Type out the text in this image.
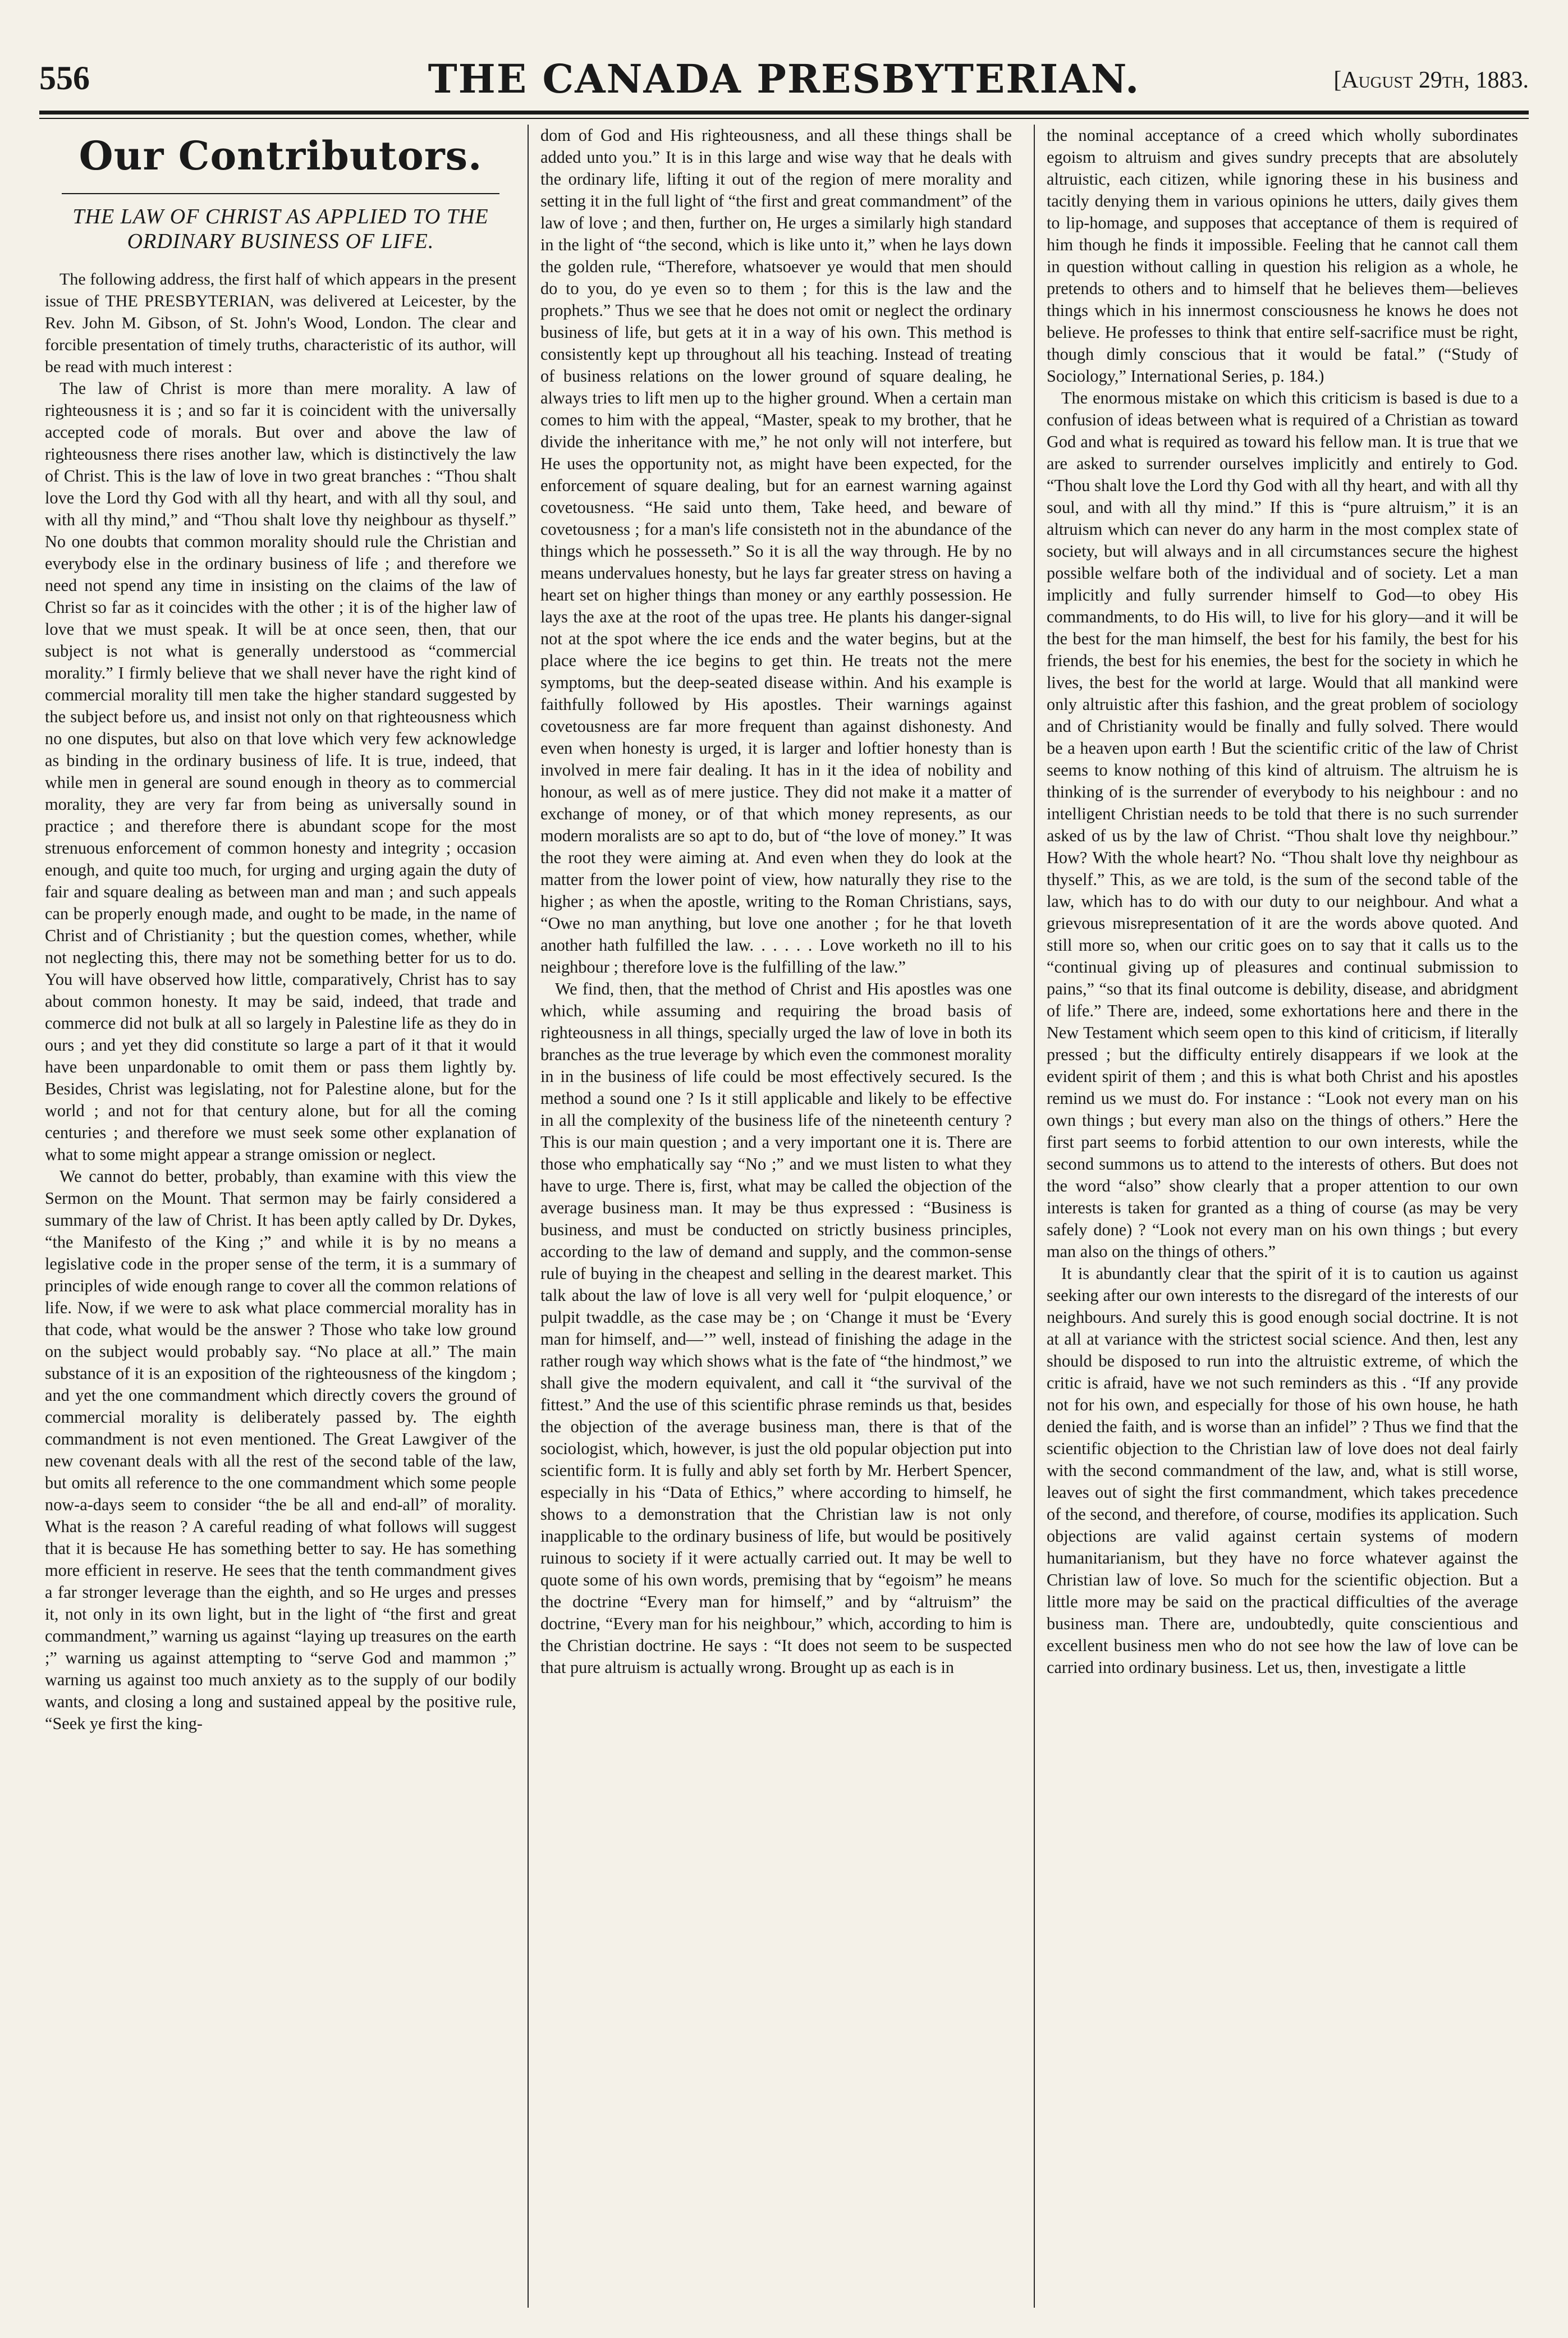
556	THE CANADA PRESBYTERIAN.	[August 29th, 1883.
Our Contributors.
THE LAW OF CHRIST AS APPLIED TO THE ORDINARY BUSINESS OF LIFE.

The following address, the first half of which appears in the present issue of THE PRESBYTERIAN, was delivered at Leicester, by the Rev. John M. Gibson, of St. John's Wood, London. The clear and forcible presentation of timely truths, characteristic of its author, will be read with much interest :

The law of Christ is more than mere morality. A law of righteousness it is ; and so far it is coincident with the universally accepted code of morals. But over and above the law of righteousness there rises another law, which is distinctively the law of Christ. This is the law of love in two great branches : “Thou shalt love the Lord thy God with all thy heart, and with all thy soul, and with all thy mind,” and “Thou shalt love thy neighbour as thyself.” No one doubts that common morality should rule the Christian and everybody else in the ordinary business of life ; and therefore we need not spend any time in insisting on the claims of the law of Christ so far as it coincides with the other ; it is of the higher law of love that we must speak. It will be at once seen, then, that our subject is not what is generally understood as “commercial morality.” I firmly believe that we shall never have the right kind of commercial morality till men take the higher standard suggested by the subject before us, and insist not only on that righteousness which no one disputes, but also on that love which very few acknowledge as binding in the ordinary business of life. It is true, indeed, that while men in general are sound enough in theory as to commercial morality, they are very far from being as universally sound in practice ; and therefore there is abundant scope for the most strenuous enforcement of common honesty and integrity ; occasion enough, and quite too much, for urging and urging again the duty of fair and square dealing as between man and man ; and such appeals can be properly enough made, and ought to be made, in the name of Christ and of Christianity ; but the question comes, whether, while not neglecting this, there may not be something better for us to do. You will have observed how little, comparatively, Christ has to say about common honesty. It may be said, indeed, that trade and commerce did not bulk at all so largely in Palestine life as they do in ours ; and yet they did constitute so large a part of it that it would have been unpardonable to omit them or pass them lightly by. Besides, Christ was legislating, not for Palestine alone, but for the world ; and not for that century alone, but for all the coming centuries ; and therefore we must seek some other explanation of what to some might appear a strange omission or neglect.

We cannot do better, probably, than examine with this view the Sermon on the Mount. That sermon may be fairly considered a summary of the law of Christ. It has been aptly called by Dr. Dykes, “the Manifesto of the King ;” and while it is by no means a legislative code in the proper sense of the term, it is a summary of principles of wide enough range to cover all the common relations of life. Now, if we were to ask what place commercial morality has in that code, what would be the answer ? Those who take low ground on the subject would probably say. “No place at all.” The main substance of it is an exposition of the righteousness of the kingdom ; and yet the one commandment which directly covers the ground of commercial morality is deliberately passed by. The eighth commandment is not even mentioned. The Great Lawgiver of the new covenant deals with all the rest of the second table of the law, but omits all reference to the one commandment which some people now-a-days seem to consider “the be all and end-all” of morality. What is the reason ? A careful reading of what follows will suggest that it is because He has something better to say. He has something more efficient in reserve. He sees that the tenth commandment gives a far stronger leverage than the eighth, and so He urges and presses it, not only in its own light, but in the light of “the first and great commandment,” warning us against “laying up treasures on the earth ;” warning us against attempting to “serve God and mammon ;” warning us against too much anxiety as to the supply of our bodily wants, and closing a long and sustained appeal by the positive rule, “Seek ye first the king-

dom of God and His righteousness, and all these things shall be added unto you.” It is in this large and wise way that he deals with the ordinary life, lifting it out of the region of mere morality and setting it in the full light of “the first and great commandment” of the law of love ; and then, further on, He urges a similarly high standard in the light of “the second, which is like unto it,” when he lays down the golden rule, “Therefore, whatsoever ye would that men should do to you, do ye even so to them ; for this is the law and the prophets.” Thus we see that he does not omit or neglect the ordinary business of life, but gets at it in a way of his own. This method is consistently kept up throughout all his teaching. Instead of treating of business relations on the lower ground of square dealing, he always tries to lift men up to the higher ground. When a certain man comes to him with the appeal, “Master, speak to my brother, that he divide the inheritance with me,” he not only will not interfere, but He uses the opportunity not, as might have been expected, for the enforcement of square dealing, but for an earnest warning against covetousness. “He said unto them, Take heed, and beware of covetousness ; for a man's life consisteth not in the abundance of the things which he possesseth.” So it is all the way through. He by no means undervalues honesty, but he lays far greater stress on having a heart set on higher things than money or any earthly possession. He lays the axe at the root of the upas tree. He plants his danger-signal not at the spot where the ice ends and the water begins, but at the place where the ice begins to get thin. He treats not the mere symptoms, but the deep-seated disease within. And his example is faithfully followed by His apostles. Their warnings against covetousness are far more frequent than against dishonesty. And even when honesty is urged, it is larger and loftier honesty than is involved in mere fair dealing. It has in it the idea of nobility and honour, as well as of mere justice. They did not make it a matter of exchange of money, or of that which money represents, as our modern moralists are so apt to do, but of “the love of money.” It was the root they were aiming at. And even when they do look at the matter from the lower point of view, how naturally they rise to the higher ; as when the apostle, writing to the Roman Christians, says, “Owe no man anything, but love one another ; for he that loveth another hath fulfilled the law. . . . . . Love worketh no ill to his neighbour ; therefore love is the fulfilling of the law.”

We find, then, that the method of Christ and His apostles was one which, while assuming and requiring the broad basis of righteousness in all things, specially urged the law of love in both its branches as the true leverage by which even the commonest morality in in the business of life could be most effectively secured. Is the method a sound one ? Is it still applicable and likely to be effective in all the complexity of the business life of the nineteenth century ? This is our main question ; and a very important one it is. There are those who emphatically say “No ;” and we must listen to what they have to urge. There is, first, what may be called the objection of the average business man. It may be thus expressed : “Business is business, and must be conducted on strictly business principles, according to the law of demand and supply, and the common-sense rule of buying in the cheapest and selling in the dearest market. This talk about the law of love is all very well for ‘pulpit eloquence,’ or pulpit twaddle, as the case may be ; on ‘Change it must be ‘Every man for himself, and—’” well, instead of finishing the adage in the rather rough way which shows what is the fate of “the hindmost,” we shall give the modern equivalent, and call it “the survival of the fittest.” And the use of this scientific phrase reminds us that, besides the objection of the average business man, there is that of the sociologist, which, however, is just the old popular objection put into scientific form. It is fully and ably set forth by Mr. Herbert Spencer, especially in his “Data of Ethics,” where according to himself, he shows to a demonstration that the Christian law is not only inapplicable to the ordinary business of life, but would be positively ruinous to society if it were actually carried out. It may be well to quote some of his own words, premising that by “egoism” he means the doctrine “Every man for himself,” and by “altruism” the doctrine, “Every man for his neighbour,” which, according to him is the Christian doctrine. He says : “It does not seem to be suspected that pure altruism is actually wrong. Brought up as each is in

the nominal acceptance of a creed which wholly subordinates egoism to altruism and gives sundry precepts that are absolutely altruistic, each citizen, while ignoring these in his business and tacitly denying them in various opinions he utters, daily gives them to lip-homage, and supposes that acceptance of them is required of him though he finds it impossible. Feeling that he cannot call them in question without calling in question his religion as a whole, he pretends to others and to himself that he believes them—believes things which in his innermost consciousness he knows he does not believe. He professes to think that entire self-sacrifice must be right, though dimly conscious that it would be fatal.” (“Study of Sociology,” International Series, p. 184.)

The enormous mistake on which this criticism is based is due to a confusion of ideas between what is required of a Christian as toward God and what is required as toward his fellow man. It is true that we are asked to surrender ourselves implicitly and entirely to God. “Thou shalt love the Lord thy God with all thy heart, and with all thy soul, and with all thy mind.” If this is “pure altruism,” it is an altruism which can never do any harm in the most complex state of society, but will always and in all circumstances secure the highest possible welfare both of the individual and of society. Let a man implicitly and fully surrender himself to God—to obey His commandments, to do His will, to live for his glory—and it will be the best for the man himself, the best for his family, the best for his friends, the best for his enemies, the best for the society in which he lives, the best for the world at large. Would that all mankind were only altruistic after this fashion, and the great problem of sociology and of Christianity would be finally and fully solved. There would be a heaven upon earth ! But the scientific critic of the law of Christ seems to know nothing of this kind of altruism. The altruism he is thinking of is the surrender of everybody to his neighbour : and no intelligent Christian needs to be told that there is no such surrender asked of us by the law of Christ. “Thou shalt love thy neighbour.” How? With the whole heart? No. “Thou shalt love thy neighbour as thyself.” This, as we are told, is the sum of the second table of the law, which has to do with our duty to our neighbour. And what a grievous misrepresentation of it are the words above quoted. And still more so, when our critic goes on to say that it calls us to the “continual giving up of pleasures and continual submission to pains,” “so that its final outcome is debility, disease, and abridgment of life.” There are, indeed, some exhortations here and there in the New Testament which seem open to this kind of criticism, if literally pressed ; but the difficulty entirely disappears if we look at the evident spirit of them ; and this is what both Christ and his apostles remind us we must do. For instance : “Look not every man on his own things ; but every man also on the things of others.” Here the first part seems to forbid attention to our own interests, while the second summons us to attend to the interests of others. But does not the word “also” show clearly that a proper attention to our own interests is taken for granted as a thing of course (as may be very safely done) ? “Look not every man on his own things ; but every man also on the things of others.”

It is abundantly clear that the spirit of it is to caution us against seeking after our own interests to the disregard of the interests of our neighbours. And surely this is good enough social doctrine. It is not at all at variance with the strictest social science. And then, lest any should be disposed to run into the altruistic extreme, of which the critic is afraid, have we not such reminders as this . “If any provide not for his own, and especially for those of his own house, he hath denied the faith, and is worse than an infidel” ? Thus we find that the scientific objection to the Christian law of love does not deal fairly with the second commandment of the law, and, what is still worse, leaves out of sight the first commandment, which takes precedence of the second, and therefore, of course, modifies its application. Such objections are valid against certain systems of modern humanitarianism, but they have no force whatever against the Christian law of love. So much for the scientific objection. But a little more may be said on the practical difficulties of the average business man. There are, undoubtedly, quite conscientious and excellent business men who do not see how the law of love can be carried into ordinary business. Let us, then, investigate a little
